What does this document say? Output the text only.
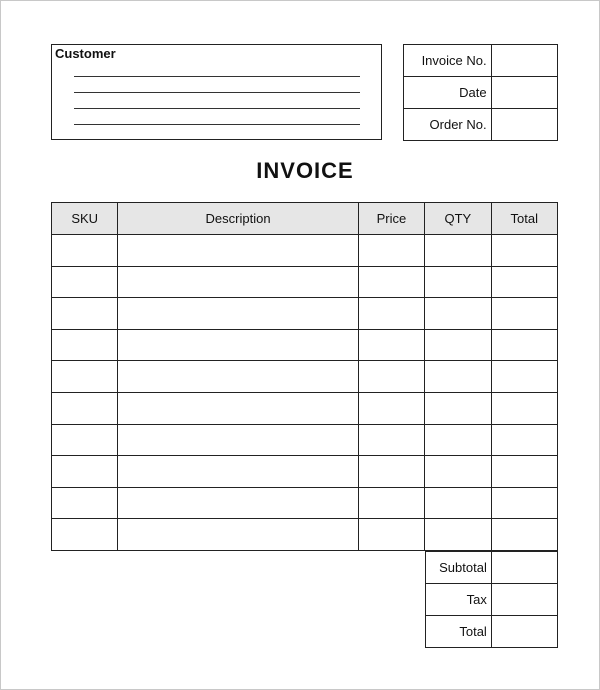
Customer	Invoice No.	
Date	
Order No.	
INVOICE
SKU	Description	Price	QTY	Total

Subtotal	
Tax	
Total	
